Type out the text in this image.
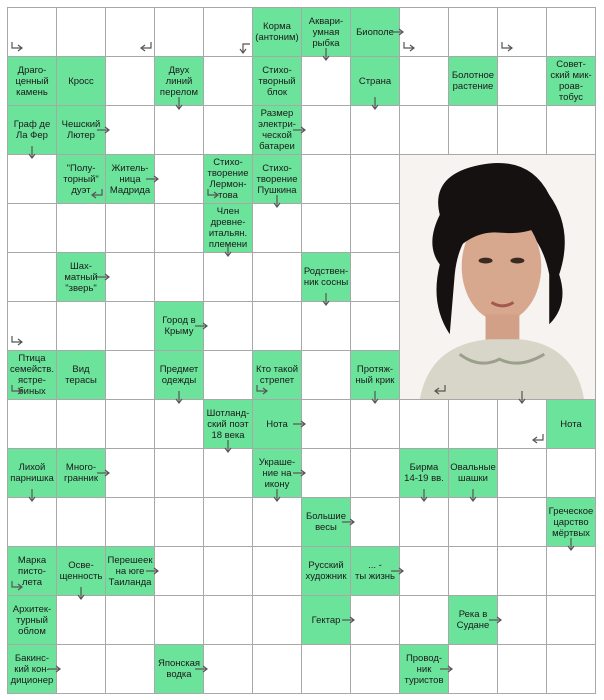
Корма
(антоним)
Аквари-
умная
рыбка
Биополе
Драго-
ценный
камень
Кросс
Двух
линий
перелом
Стихо-
творный
блок
Страна	Болотное
растение
Совет-
ский мик-
роав-
тобус
Граф де
Ла Фер
Чешский
Лютер
Размер
электри-
ческой
батареи
"Полу-
торный"
дуэт
Житель-
ница
Мадрида
Стихо-
творение
Лермон-
това
Стихо-
творение
Пушкина
Член
древне-
итальян.
племени
Шах-
матный
"зверь"
Родствен-
ник сосны
Город в
Крыму
Птица
семейств.
ястре-
биных
Вид
терасы
Предмет
одежды
Кто такой
стрепет
Протяж-
ный крик
Шотланд-
ский поэт
18 века
Нота	Нота
Лихой
парнишка
Много-
гранник
Украше-
ние на
икону
Бирма
14-19 вв.
Овальные
шашки
Большие
весы
Греческое
царство
мёртвых
Марка
писто-
лета
Осве-
щенность
Перешеек
на юге
Таиланда
Русский
художник
... -
ты жизнь
Архитек-
турный
облом
Гектар	Река в
Судане
Бакинс-
кий кон-
диционер
Японская
водка
Провод-
ник
туристов
